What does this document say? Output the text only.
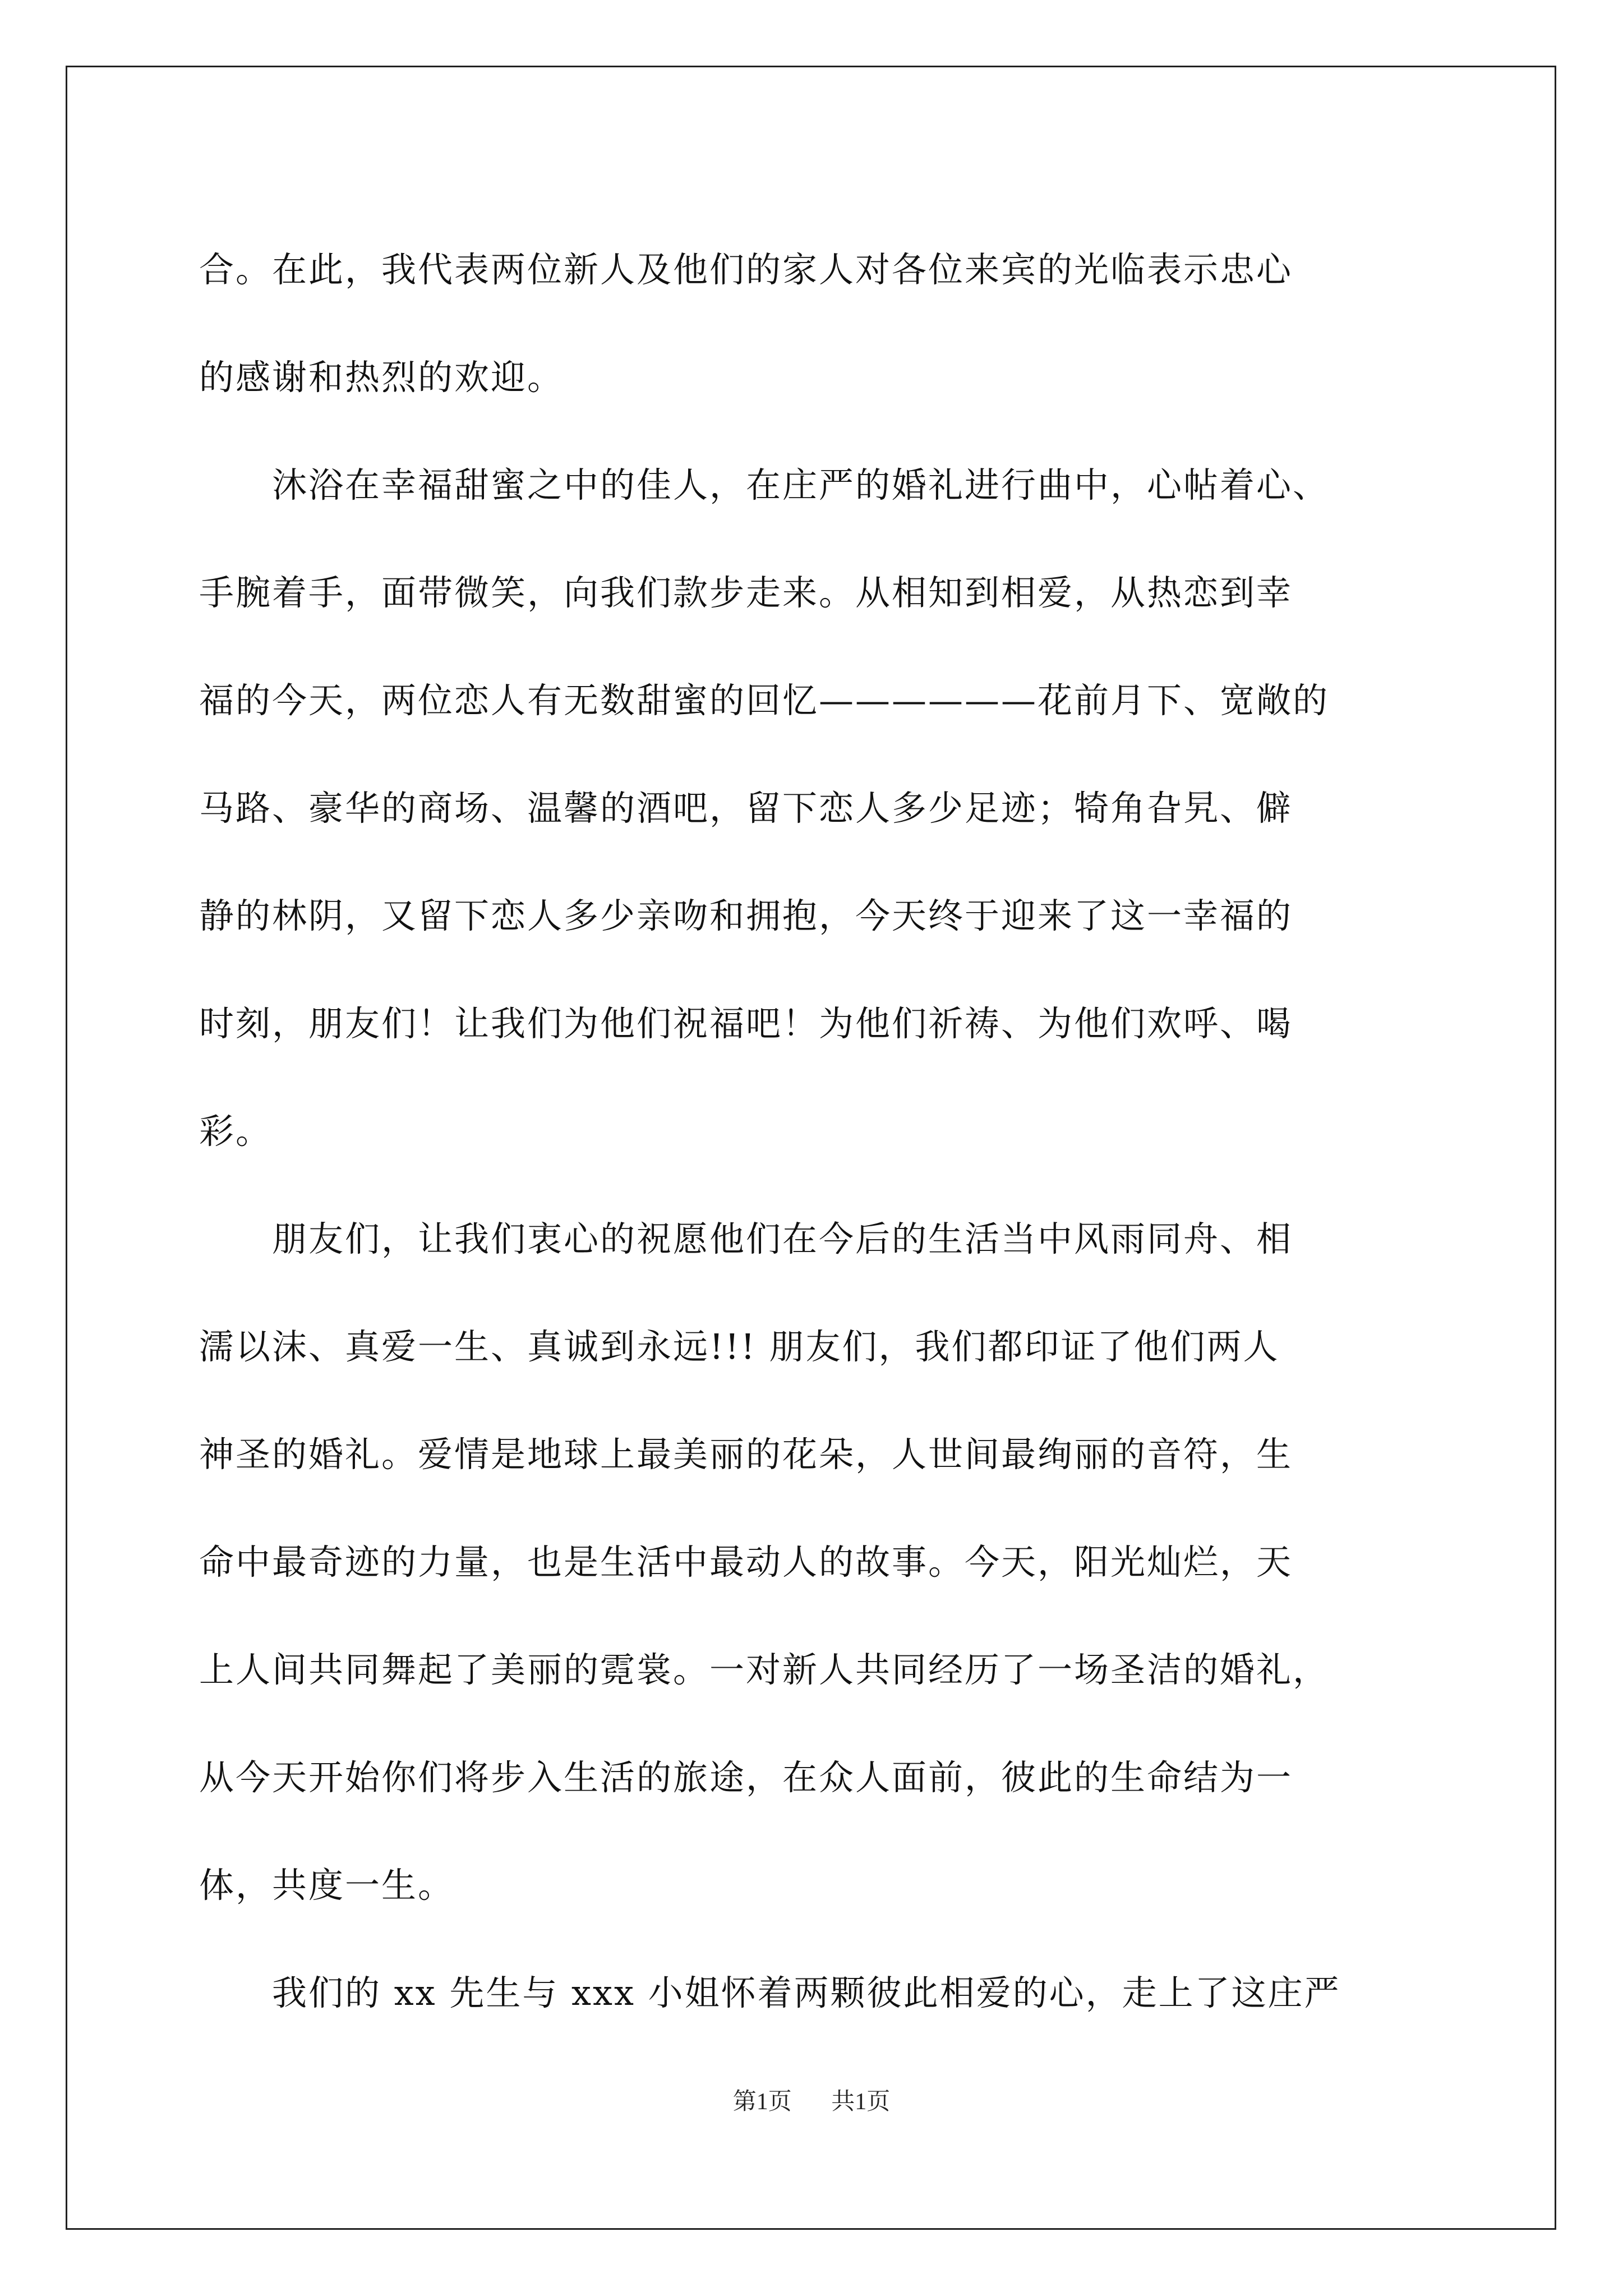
合。在此，我代表两位新人及他们的家人对各位来宾的光临表示忠心
的感谢和热烈的欢迎。
　　沐浴在幸福甜蜜之中的佳人，在庄严的婚礼进行曲中，心帖着心、
手腕着手，面带微笑，向我们款步走来。从相知到相爱，从热恋到幸
福的今天，两位恋人有无数甜蜜的回忆——————花前月下、宽敞的
马路、豪华的商场、温馨的酒吧，留下恋人多少足迹；犄角旮旯、僻
静的林阴，又留下恋人多少亲吻和拥抱，今天终于迎来了这一幸福的
时刻，朋友们！让我们为他们祝福吧！为他们祈祷、为他们欢呼、喝
彩。
　　朋友们，让我们衷心的祝愿他们在今后的生活当中风雨同舟、相
濡以沫、真爱一生、真诚到永远!!! 朋友们，我们都印证了他们两人
神圣的婚礼。爱情是地球上最美丽的花朵，人世间最绚丽的音符，生
命中最奇迹的力量，也是生活中最动人的故事。今天，阳光灿烂，天
上人间共同舞起了美丽的霓裳。一对新人共同经历了一场圣洁的婚礼，
从今天开始你们将步入生活的旅途，在众人面前，彼此的生命结为一
体，共度一生。
　　我们的 xx 先生与 xxx 小姐怀着两颗彼此相爱的心，走上了这庄严
第1页 共1页
